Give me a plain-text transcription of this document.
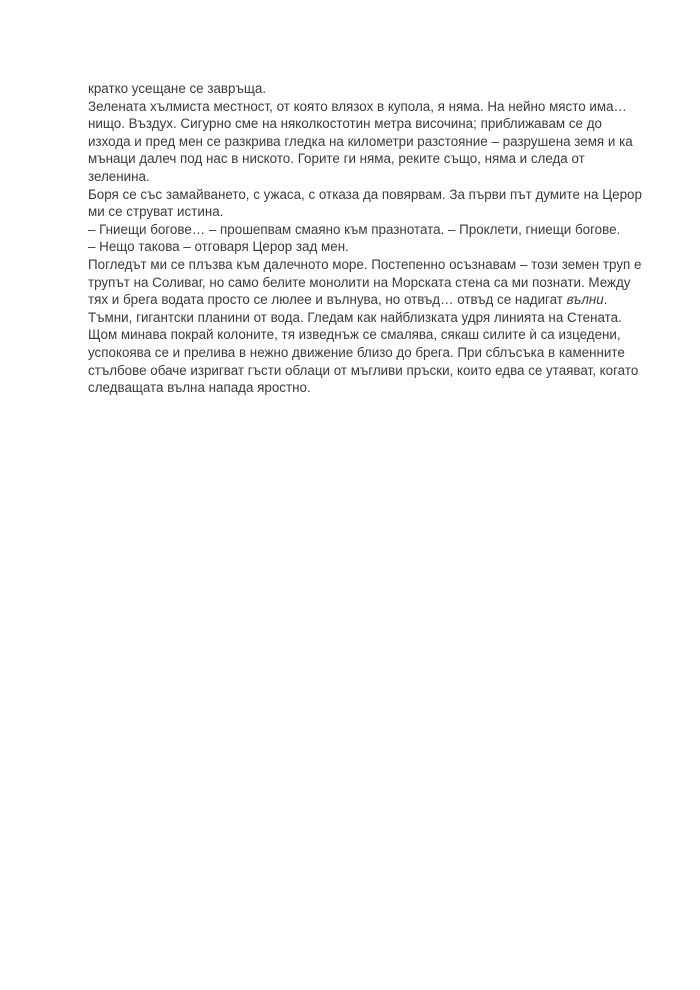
кратко усещане се завръща.

Зелената хълмиста местност, от която влязох в купола, я няма. На нейно място има…

нищо. Въздух. Сигурно сме на няколкостотин метра височина; приближавам се до

изхода и пред мен се разкрива гледка на километри разстояние – разрушена земя и ка

мънаци далеч под нас в ниското. Горите ги няма, реките също, няма и следа от

зеленина.

Боря се със замайването, с ужаса, с отказа да повярвам. За първи път думите на Церор

ми се струват истина.

– Гниещи богове… – прошепвам смаяно към празнотата. – Проклети, гниещи богове.

– Нещо такова – отговаря Церор зад мен.

Погледът ми се плъзва към далечното море. Постепенно осъзнавам – този земен труп е

трупът на Соливаг, но само белите монолити на Морската стена са ми познати. Между

тях и брега водата просто се люлее и вълнува, но отвъд… отвъд се надигат вълни.

Тъмни, гигантски планини от вода. Гледам как найблизката удря линията на Стената.

Щом минава покрай колоните, тя изведнъж се смалява, сякаш силите ѝ са изцедени,

успокоява се и прелива в нежно движение близо до брега. При сблъсъка в каменните

стълбове обаче изригват гъсти облаци от мъгливи пръски, които едва се утаяват, когато

следващата вълна напада яростно.
